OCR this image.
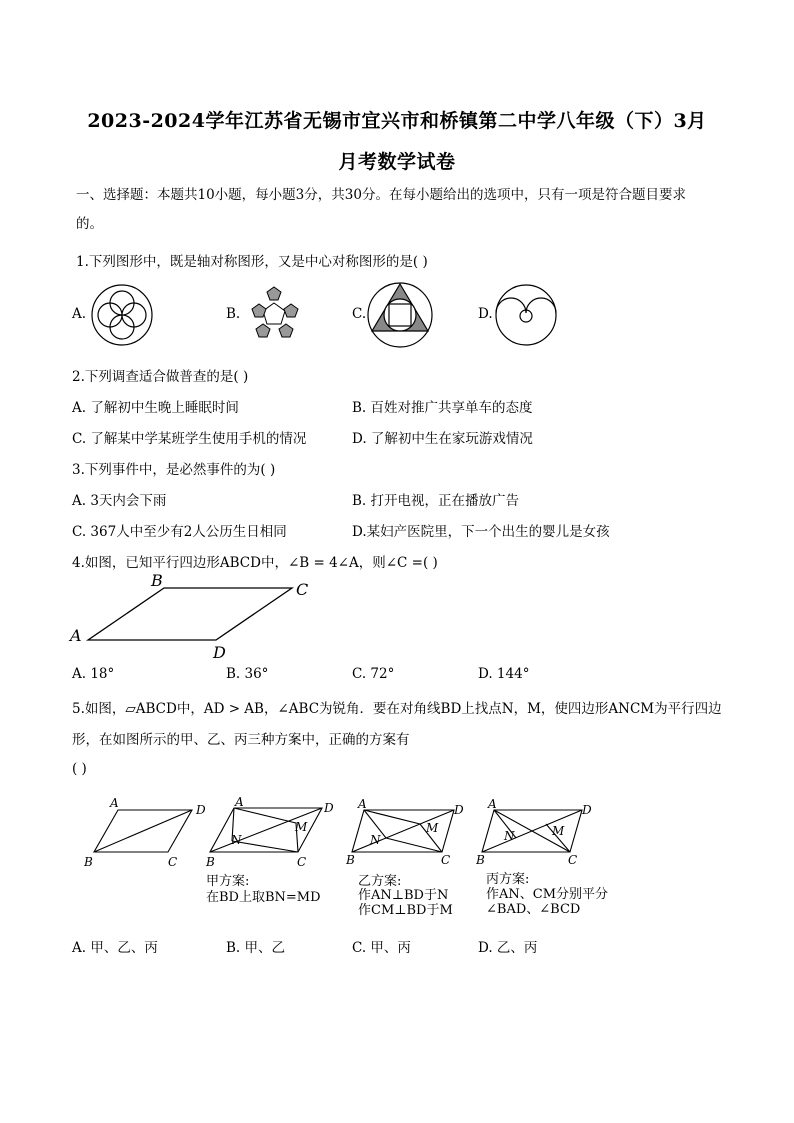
2023-2024学年江苏省无锡市宜兴市和桥镇第二中学八年级（下）3月
月考数学试卷
一、选择题：本题共10小题，每小题3分，共30分。在每小题给出的选项中，只有一项是符合题目要求
的。
1.下列图形中，既是轴对称图形，又是中心对称图形的是( )
A.	B.	C.	D.
2.下列调查适合做普查的是( )
A. 了解初中生晚上睡眠时间	B. 百姓对推广共享单车的态度
C. 了解某中学某班学生使用手机的情况	D. 了解初中生在家玩游戏情况
3.下列事件中，是必然事件的为( )
A. 3天内会下雨	B. 打开电视，正在播放广告
C. 367人中至少有2人公历生日相同	D.某妇产医院里，下一个出生的婴儿是女孩
4.如图，已知平行四边形ABCD中，∠B = 4∠A，则∠C =( )
A
B	C
D
A. 18°	B. 36°	C. 72°	D. 144°
5.如图，▱ABCD中，AD > AB，∠ABC为锐角．要在对角线BD上找点N，M，使四边形ANCM为平行四边
形，在如图所示的甲、乙、丙三种方案中，正确的方案有
( )
A	D
B	C
A	D
B	C
N
M
A	D
B	C
N
M
A	D
B	C
N	M
甲方案:
在BD上取BN=MD
乙方案:
作AN⊥BD于N
作CM⊥BD于M
丙方案:
作AN、CM分别平分
∠BAD、∠BCD
A. 甲、乙、丙	B. 甲、乙	C. 甲、丙	D. 乙、丙
